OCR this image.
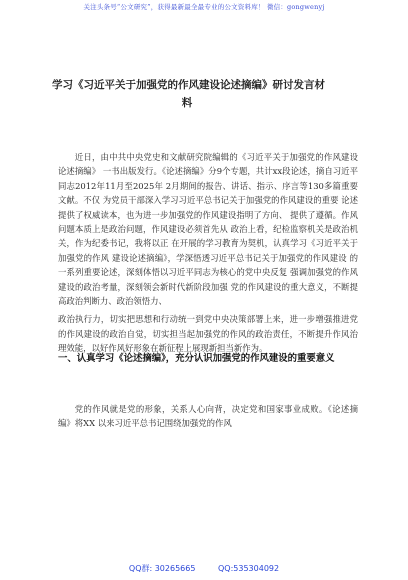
关注头条号“公文研究”，获得最新最全最专业的公文资料库！ 微信：gongwenyj
学习《习近平关于加强党的作风建设论述摘编》研讨发言材
料

近日，由中共中央党史和文献研究院编辑的《习近平关于加强党的作风建设论述摘编》 一书出版发行。《论述摘编》分9个专题，共计xx段论述，摘自习近平同志2012年11月至2025年 2月期间的报告、讲话、指示、序言等130多篇重要文献。不仅 为党员干部深入学习习近平总书记关于加强党的作风建设的重要 论述提供了权威读本，也为进一步加强党的作风建设指明了方向、 提供了遵循。作风问题本质上是政治问题，作风建设必须首先从 政治上看，纪检监察机关是政治机关，作为纪委书记，我将以正 在开展的学习教育为契机，认真学习《习近平关于加强党的作风 建设论述摘编》，学深悟透习近平总书记关于加强党的作风建设 的一系列重要论述，深刻体悟以习近平同志为核心的党中央反复 强调加强党的作风建设的政治考量，深刻领会新时代新阶段加强 党的作风建设的重大意义，不断提高政治判断力、政治领悟力、

政治执行力，切实把思想和行动统一到党中央决策部署上来，进一步增强推进党的作风建设的政治自觉，切实担当起加强党的作风的政治责任，不断提升作风治理效能，以好作风好形象在新征程上展现新担当新作为。

一、认真学习《论述摘编》，充分认识加强党的作风建设的重要意义

党的作风就是党的形象，关系人心向背，决定党和国家事业成败。《论述摘编》将XX 以来习近平总书记围绕加强党的作风

QQ群: 30265665	QQ:535304092
